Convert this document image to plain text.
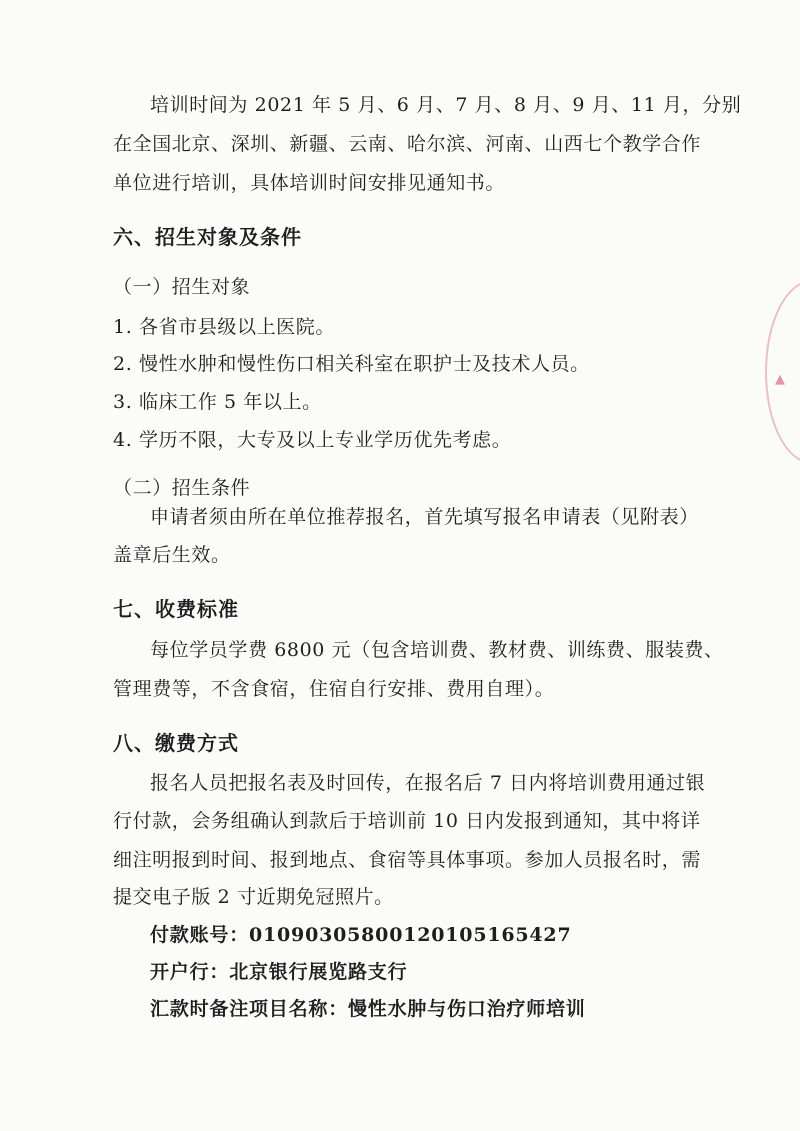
培训时间为 2021 年 5 月、6 月、7 月、8 月、9 月、11 月，分别
在全国北京、深圳、新疆、云南、哈尔滨、河南、山西七个教学合作
单位进行培训，具体培训时间安排见通知书。
六、招生对象及条件
（一）招生对象
1. 各省市县级以上医院。
2. 慢性水肿和慢性伤口相关科室在职护士及技术人员。
3. 临床工作 5 年以上。
4. 学历不限，大专及以上专业学历优先考虑。
（二）招生条件
申请者须由所在单位推荐报名，首先填写报名申请表（见附表）
盖章后生效。
七、收费标准
每位学员学费 6800 元（包含培训费、教材费、训练费、服装费、
管理费等，不含食宿，住宿自行安排、费用自理）。
八、缴费方式
报名人员把报名表及时回传，在报名后 7 日内将培训费用通过银
行付款，会务组确认到款后于培训前 10 日内发报到通知，其中将详
细注明报到时间、报到地点、食宿等具体事项。参加人员报名时，需
提交电子版 2 寸近期免冠照片。
付款账号：01090305800120105165427
开户行：北京银行展览路支行
汇款时备注项目名称：慢性水肿与伤口治疗师培训
▲
